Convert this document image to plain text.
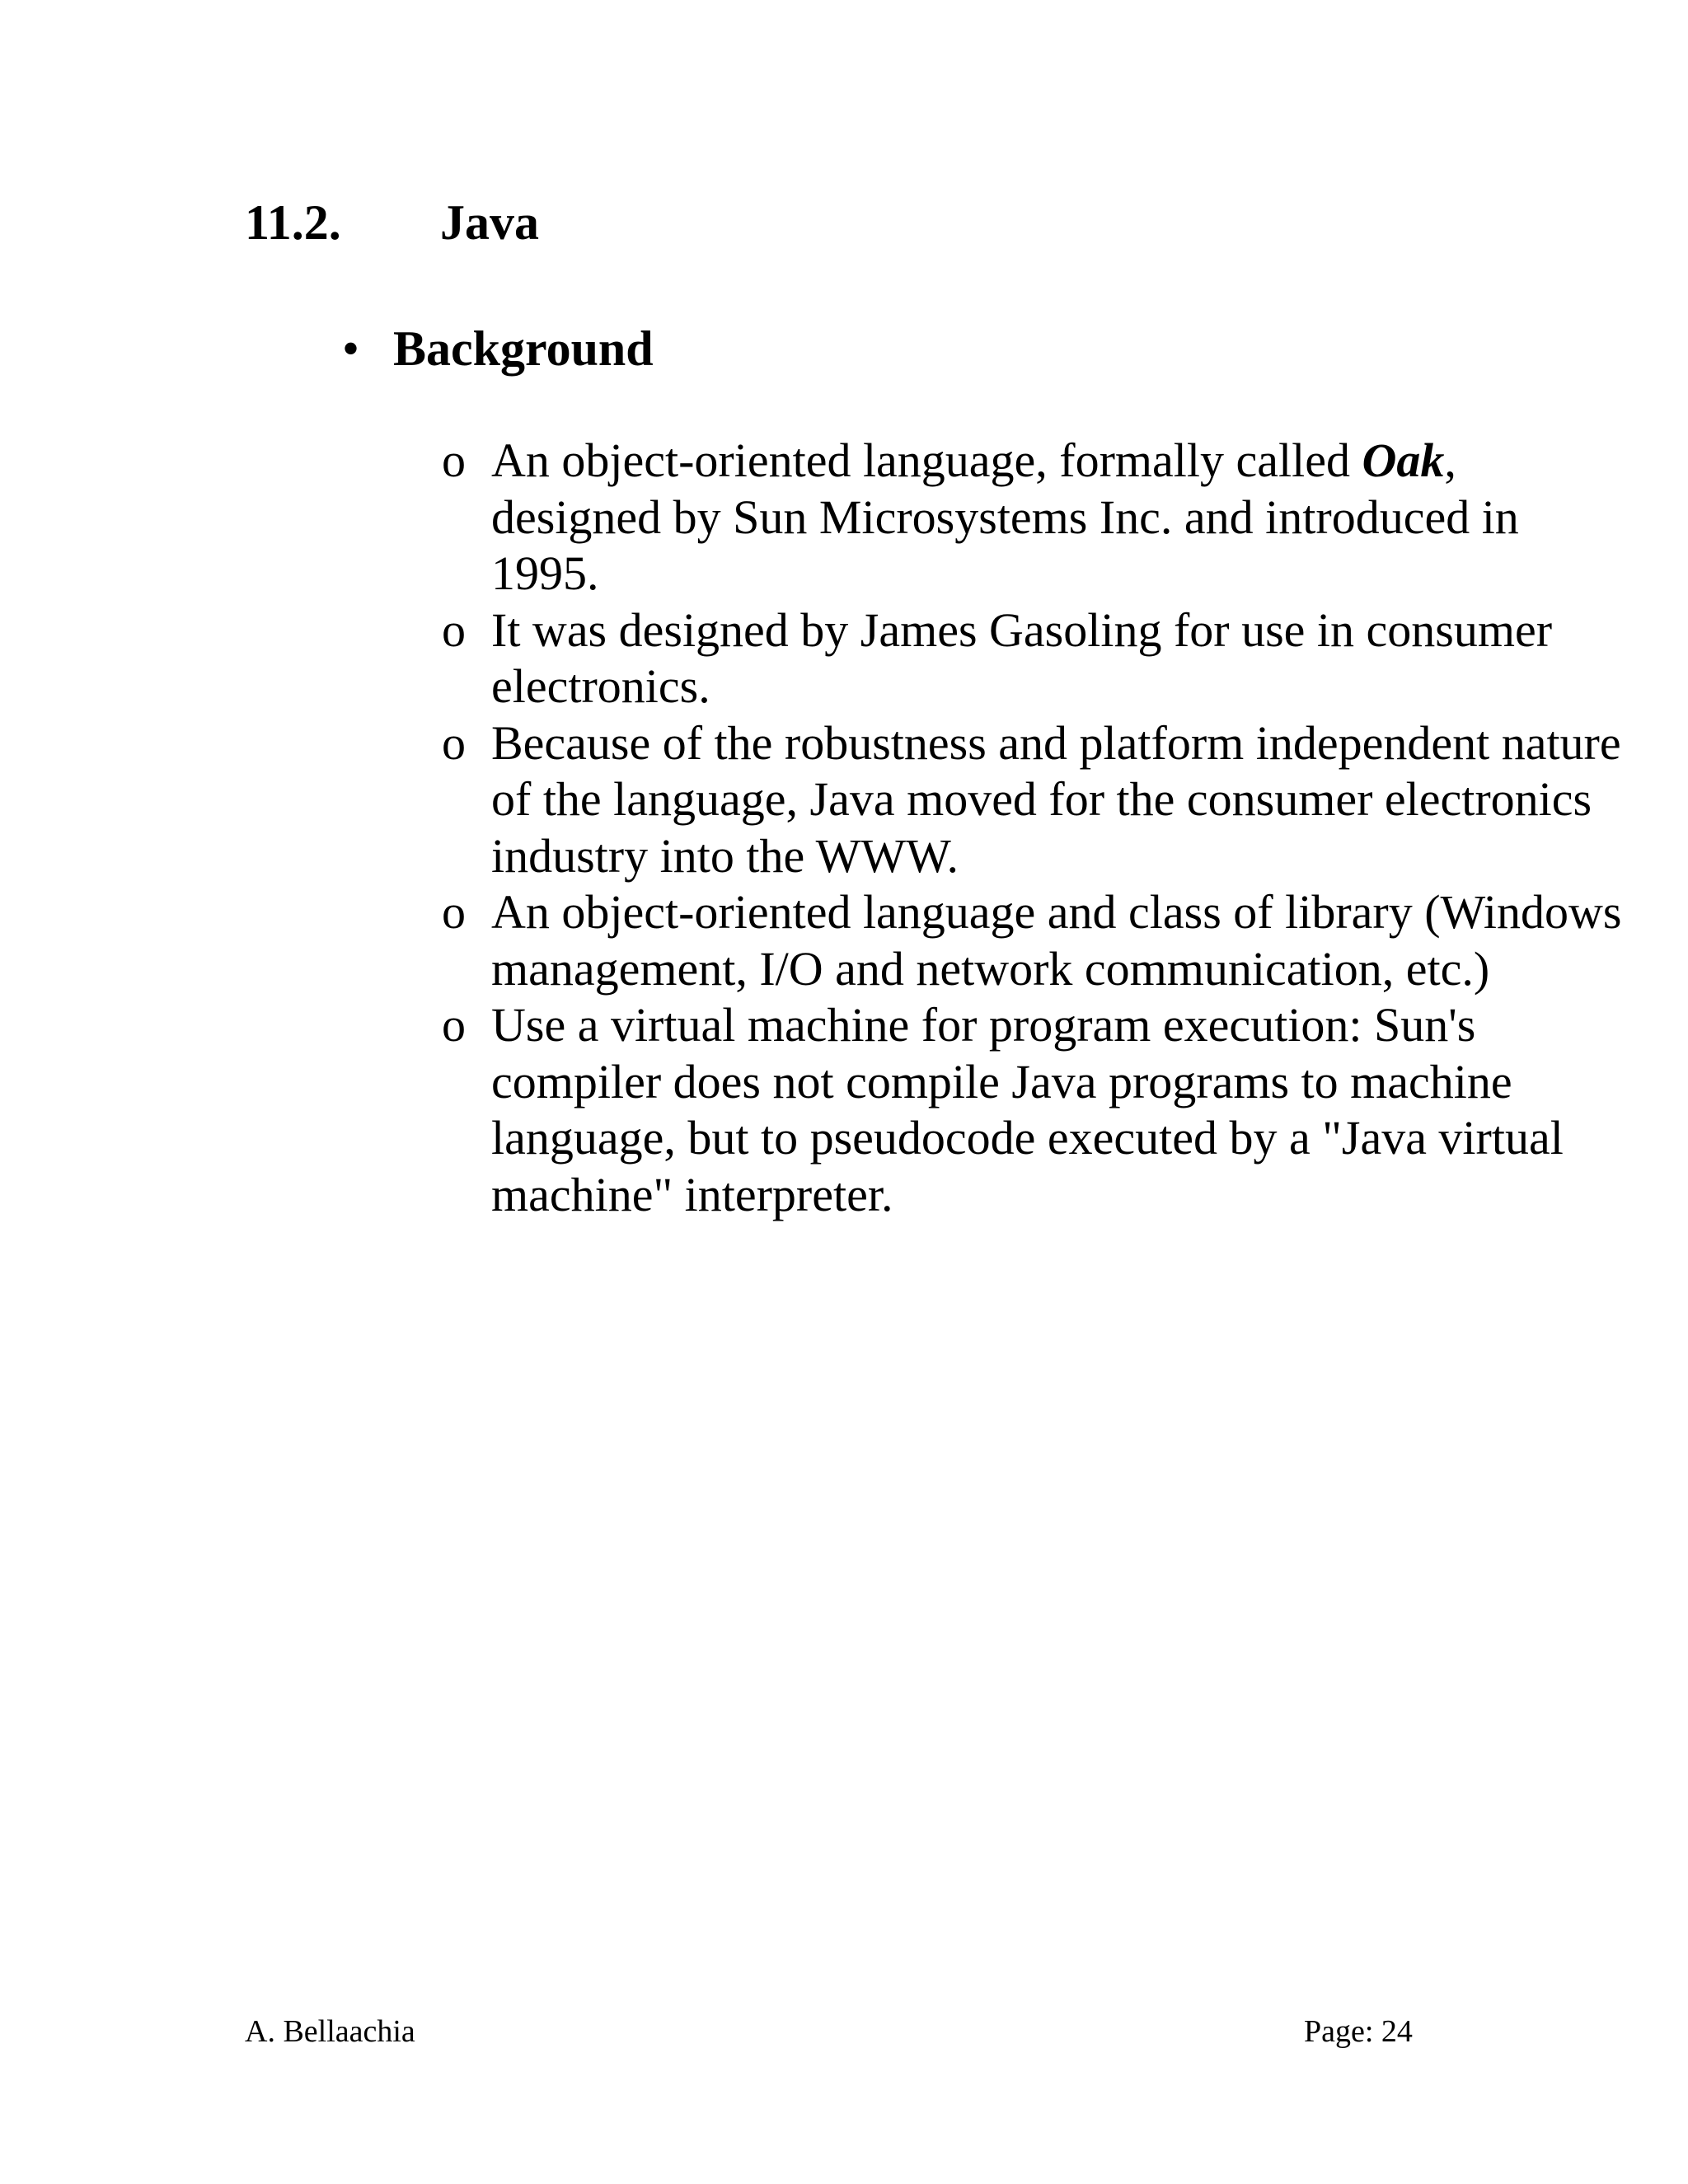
11.2. Java
• Background
o An object-oriented language, formally called Oak, designed by Sun Microsystems Inc. and introduced in 1995.
o It was designed by James Gasoling for use in consumer electronics.
o Because of the robustness and platform independent nature of the language, Java moved for the consumer electronics industry into the WWW.
o An object-oriented language and class of library (Windows management, I/O and network communication, etc.)
o Use a virtual machine for program execution: Sun's compiler does not compile Java programs to machine language, but to pseudocode executed by a "Java virtual machine" interpreter.
A. Bellaachia	Page: 24
